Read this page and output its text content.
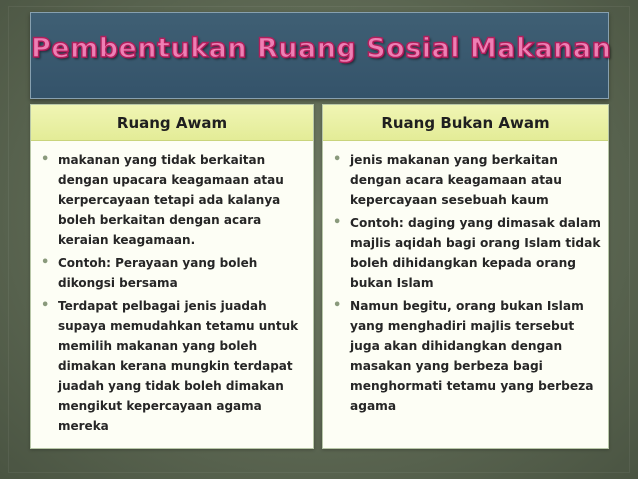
Pembentukan Ruang Sosial Makanan
Ruang Awam
• makanan yang tidak berkaitan dengan upacara keagamaan atau kerpercayaan tetapi ada kalanya boleh berkaitan dengan acara keraian keagamaan.
• Contoh: Perayaan yang boleh dikongsi bersama
• Terdapat pelbagai jenis juadah supaya memudahkan tetamu untuk memilih makanan yang boleh dimakan kerana mungkin terdapat juadah yang tidak boleh dimakan mengikut kepercayaan agama mereka
Ruang Bukan Awam
• jenis makanan yang berkaitan dengan acara keagamaan atau kepercayaan sesebuah kaum
• Contoh: daging yang dimasak dalam majlis aqidah bagi orang Islam tidak boleh dihidangkan kepada orang bukan Islam
• Namun begitu, orang bukan Islam yang menghadiri majlis tersebut juga akan dihidangkan dengan masakan yang berbeza bagi menghormati tetamu yang berbeza agama
